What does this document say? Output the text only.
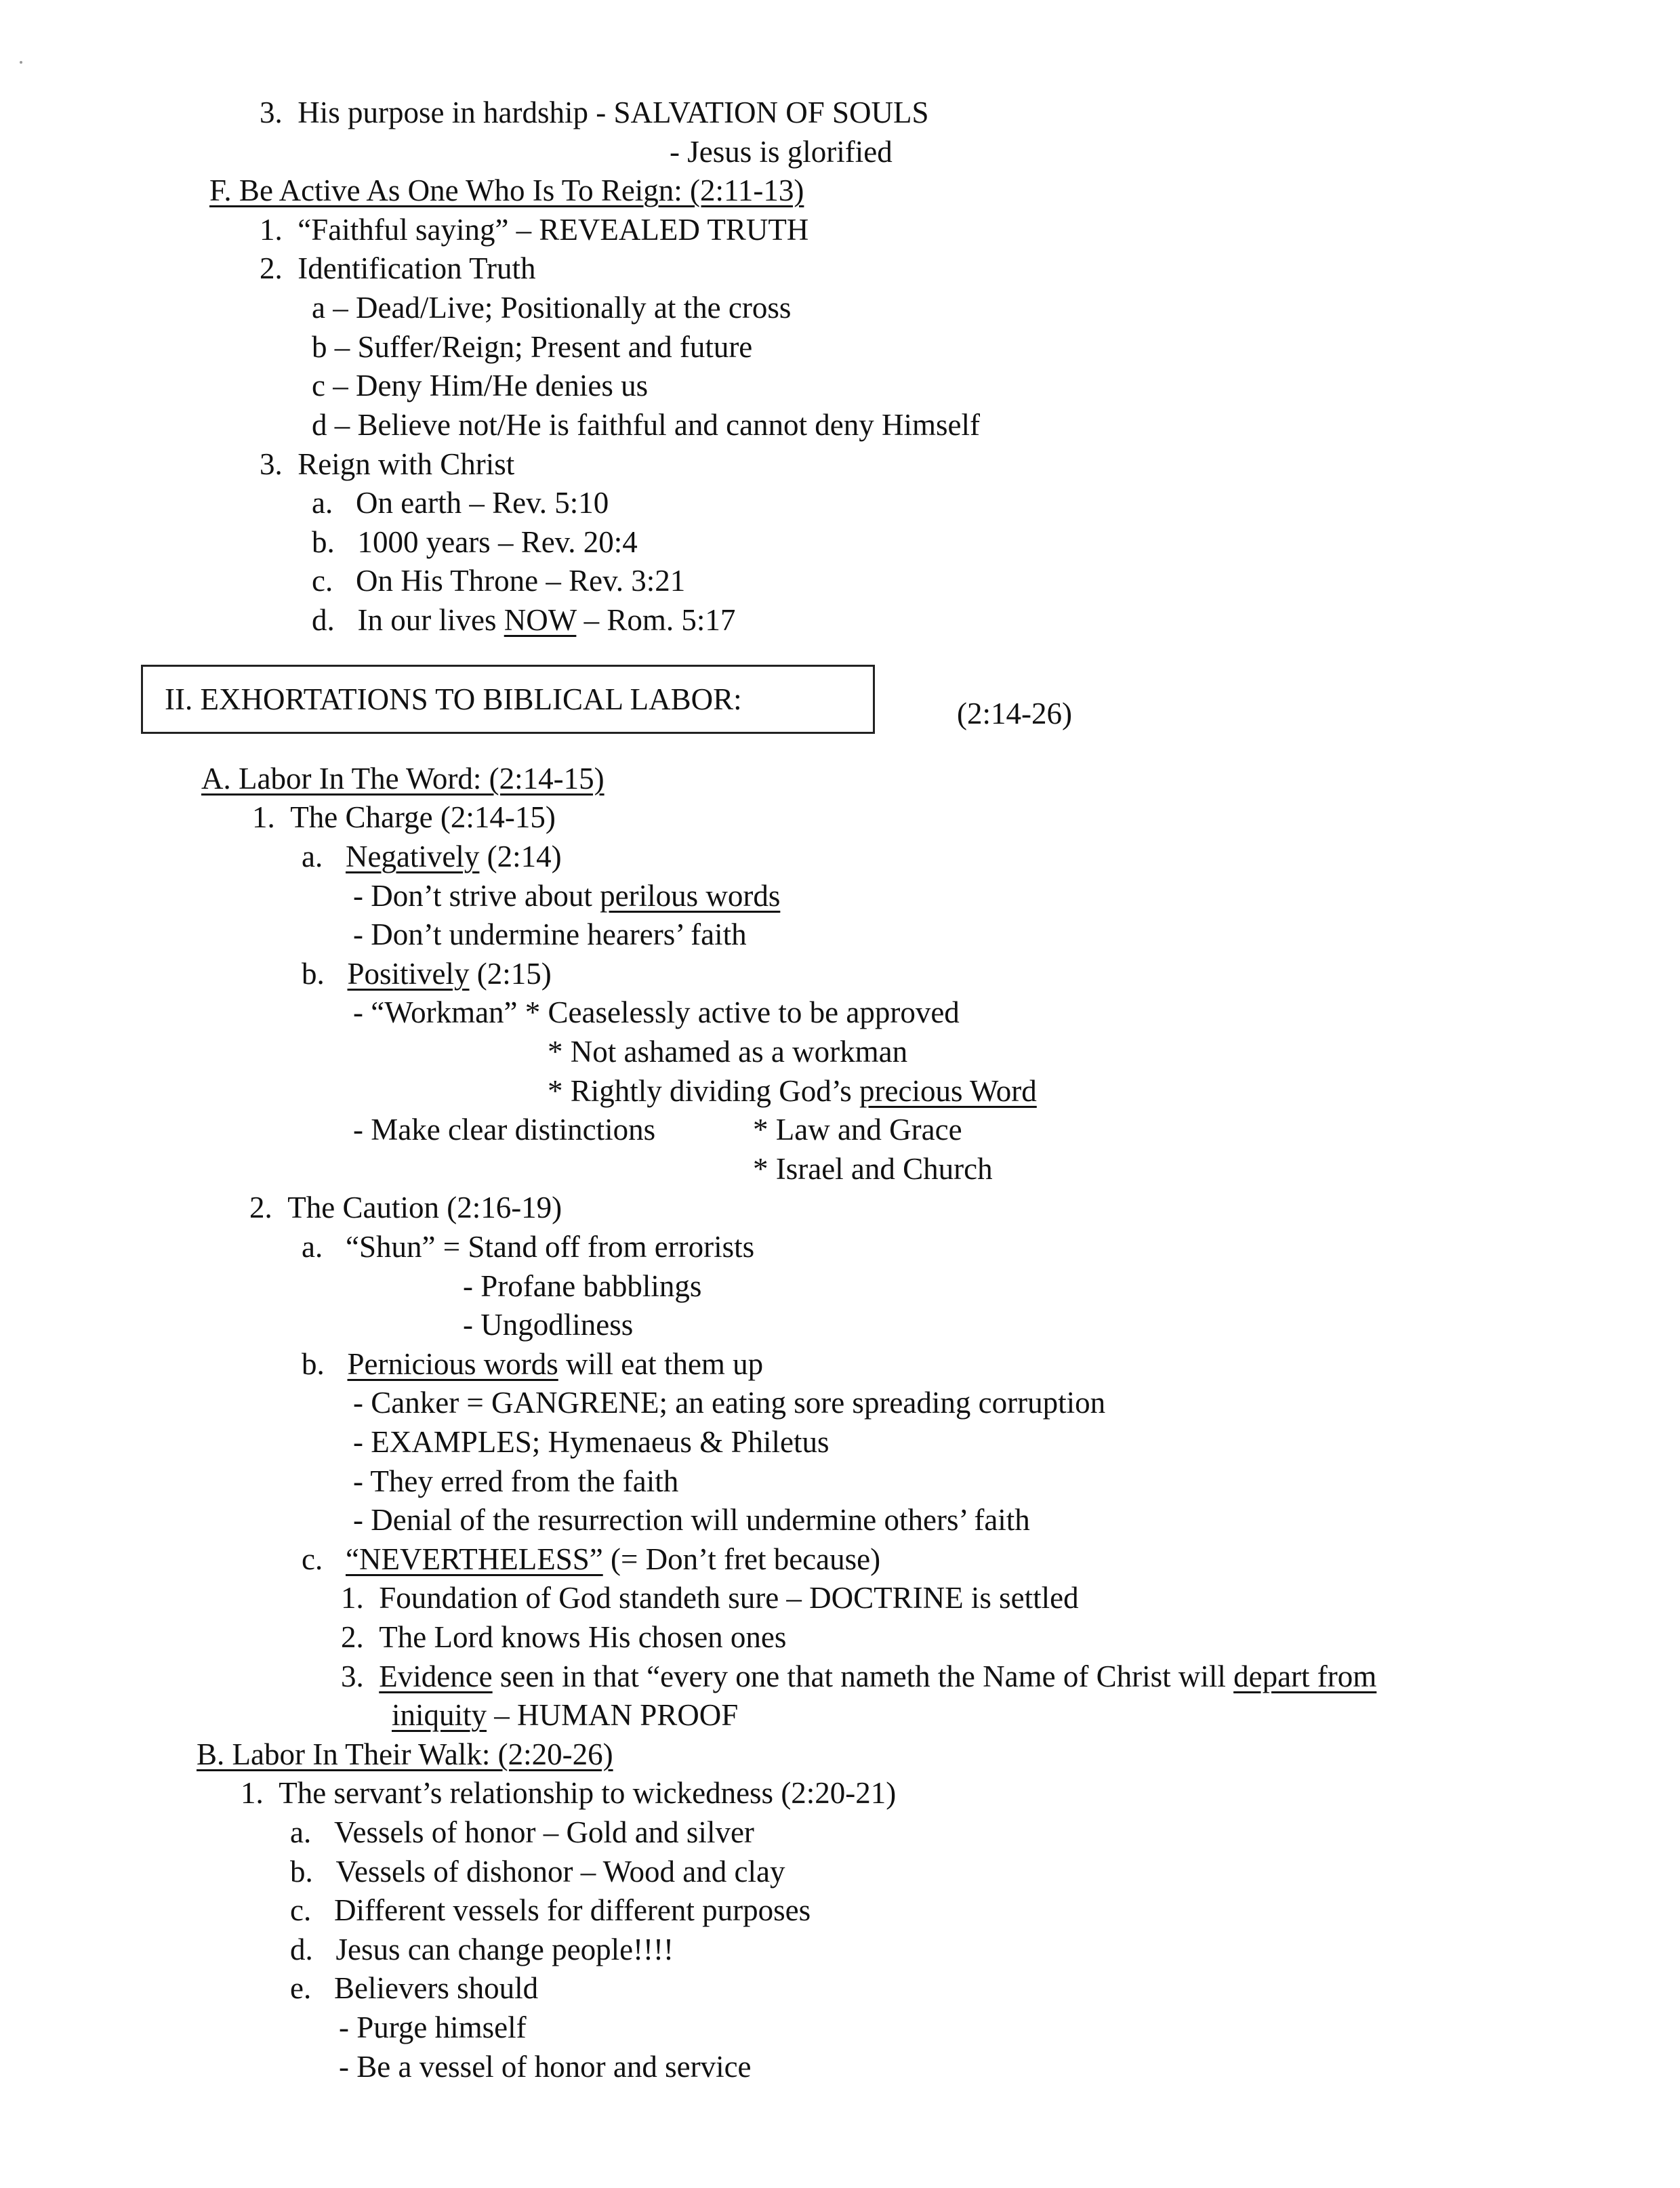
3. His purpose in hardship - SALVATION OF SOULS
- Jesus is glorified
F. Be Active As One Who Is To Reign: (2:11-13)
1. “Faithful saying” – REVEALED TRUTH
2. Identification Truth
a – Dead/Live; Positionally at the cross
b – Suffer/Reign; Present and future
c – Deny Him/He denies us
d – Believe not/He is faithful and cannot deny Himself
3. Reign with Christ
a. On earth – Rev. 5:10
b. 1000 years – Rev. 20:4
c. On His Throne – Rev. 3:21
d. In our lives NOW – Rom. 5:17
II. EXHORTATIONS TO BIBLICAL LABOR:	(2:14-26)
A. Labor In The Word: (2:14-15)
1. The Charge (2:14-15)
a. Negatively (2:14)
- Don’t strive about perilous words
- Don’t undermine hearers’ faith
b. Positively (2:15)
- “Workman” * Ceaselessly active to be approved
* Not ashamed as a workman
* Rightly dividing God’s precious Word
- Make clear distinctions	* Law and Grace
* Israel and Church
2. The Caution (2:16-19)
a. “Shun” = Stand off from errorists
- Profane babblings
- Ungodliness
b. Pernicious words will eat them up
- Canker = GANGRENE; an eating sore spreading corruption
- EXAMPLES; Hymenaeus & Philetus
- They erred from the faith
- Denial of the resurrection will undermine others’ faith
c. “NEVERTHELESS” (= Don’t fret because)
1. Foundation of God standeth sure – DOCTRINE is settled
2. The Lord knows His chosen ones
3. Evidence seen in that “every one that nameth the Name of Christ will depart from
iniquity – HUMAN PROOF
B. Labor In Their Walk: (2:20-26)
1. The servant’s relationship to wickedness (2:20-21)
a. Vessels of honor – Gold and silver
b. Vessels of dishonor – Wood and clay
c. Different vessels for different purposes
d. Jesus can change people!!!!
e. Believers should
- Purge himself
- Be a vessel of honor and service
